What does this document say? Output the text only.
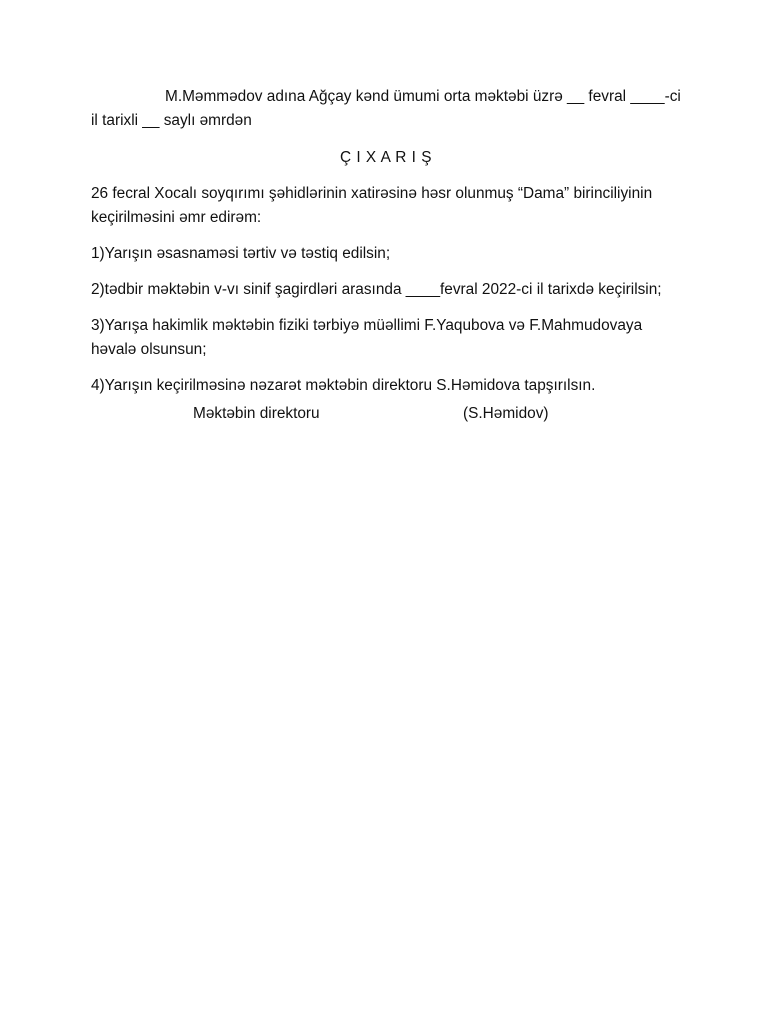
M.Məmmədov adına Ağçay kənd ümumi orta məktəbi üzrə __ fevral ____-ci il tarixli __ saylı əmrdən

Ç I X A R I Ş

26 fecral Xocalı soyqırımı şəhidlərinin xatirəsinə həsr olunmuş “Dama” birinciliyinin keçirilməsini əmr edirəm:

1)Yarışın əsasnaməsi tərtiv və təstiq edilsin;

2)tədbir məktəbin v-vı sinif şagirdləri arasında ____fevral 2022-ci il tarixdə keçirilsin;

3)Yarışa hakimlik məktəbin fiziki tərbiyə müəllimi F.Yaqubova və F.Mahmudovaya həvalə olsunsun;

4)Yarışın keçirilməsinə nəzarət məktəbin direktoru S.Həmidova tapşırılsın.

Məktəbin direktoru	(S.Həmidov)
